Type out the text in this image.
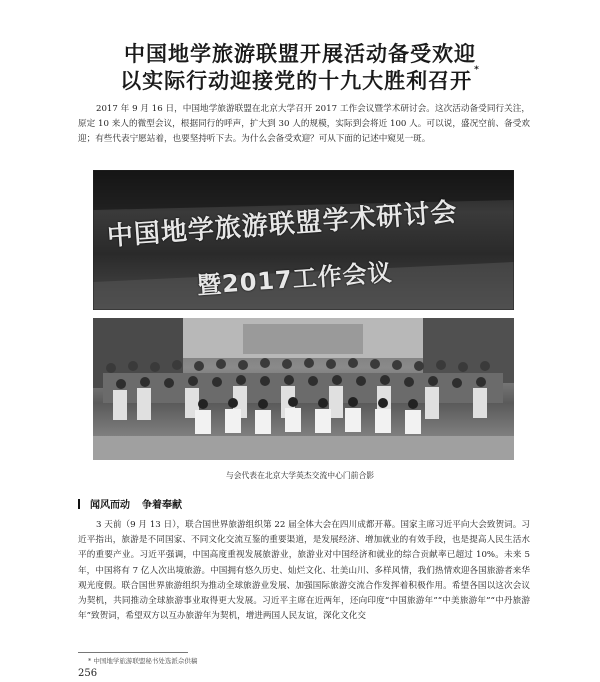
中国地学旅游联盟开展活动备受欢迎
以实际行动迎接党的十九大胜利召开 *
2017 年 9 月 16 日，中国地学旅游联盟在北京大学召开 2017 工作会议暨学术研讨会。这次活动备受同行关注，原定 10 来人的微型会议，根据同行的呼声，扩大到 30 人的规模，实际到会将近 100 人。可以说，盛况空前、备受欢迎；有些代表宁愿站着，也要坚持听下去。为什么会备受欢迎？可从下面的记述中窥见一斑。
中国地学旅游联盟学术研讨会
暨2017工作会议
与会代表在北京大学英杰交流中心门前合影
闻风而动 争着奉献
3 天前（9 月 13 日），联合国世界旅游组织第 22 届全体大会在四川成都开幕。国家主席习近平向大会致贺词。习近平指出，旅游是不同国家、不同文化交流互鉴的重要渠道，是发展经济、增加就业的有效手段，也是提高人民生活水平的重要产业。习近平强调，中国高度重视发展旅游业，旅游业对中国经济和就业的综合贡献率已超过 10%。未来 5 年，中国将有 7 亿人次出境旅游。中国拥有悠久历史、灿烂文化、壮美山川、多样风情，我们热情欢迎各国旅游者来华观光度假。联合国世界旅游组织为推动全球旅游业发展、加强国际旅游交流合作发挥着积极作用。希望各国以这次会议为契机，共同推动全球旅游事业取得更大发展。习近平主席在近两年，还向印度“中国旅游年”“中美旅游年”“中丹旅游年”致贺词，希望双方以互办旅游年为契机，增进两国人民友谊，深化文化交
* 中国地学旅游联盟秘书处选派佘供稿
256
